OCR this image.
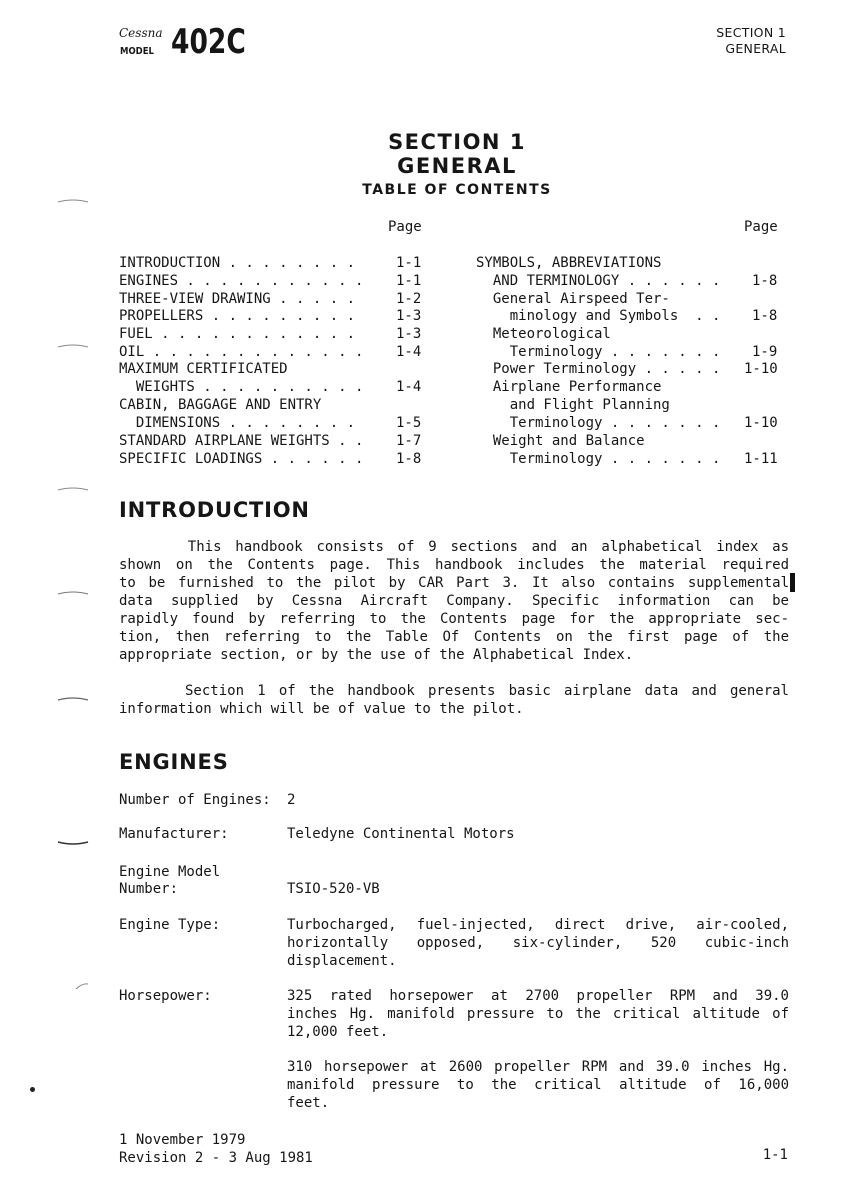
Cessna
MODEL 402C	SECTION 1
GENERAL
SECTION 1
GENERAL
TABLE OF CONTENTS
Page	Page
INTRODUCTION . . . . . . . .	1-1
ENGINES . . . . . . . . . . . 1-1
THREE-VIEW DRAWING . . . . .	1-2
PROPELLERS . . . . . . . . .	1-3
FUEL . . . . . . . . . . . .	1-3
OIL . . . . . . . . . . . . . 1-4
MAXIMUM CERTIFICATED
WEIGHTS . . . . . . . . . . 1-4
CABIN, BAGGAGE AND ENTRY
DIMENSIONS . . . . . . . .	1-5
STANDARD AIRPLANE WEIGHTS . . 1-7
SPECIFIC LOADINGS . . . . . . 1-8
SYMBOLS, ABBREVIATIONS
AND TERMINOLOGY . . . . . . 1-8
General Airspeed Ter-
minology and Symbols  . . 1-8
Meteorological
Terminology . . . . . . . 1-9
Power Terminology . . . . . 1-10
Airplane Performance
and Flight Planning
Terminology . . . . . . . 1-10
Weight and Balance
Terminology . . . . . . . 1-11
INTRODUCTION
This handbook consists of 9 sections and an alphabetical index as
shown on the Contents page. This handbook includes the material required
to be furnished to the pilot by CAR Part 3. It also contains supplemental
data supplied by Cessna Aircraft Company. Specific information can be
rapidly found by referring to the Contents page for the appropriate sec-
tion, then referring to the Table Of Contents on the first page of the
appropriate section, or by the use of the Alphabetical Index.
Section 1 of the handbook presents basic airplane data and general
information which will be of value to the pilot.
ENGINES
Number of Engines: 2
Manufacturer:	Teledyne Continental Motors
Engine Model
Number:	TSIO-520-VB
Engine Type:	Turbocharged, fuel-injected, direct drive, air-cooled,
horizontally  opposed,  six-cylinder,  520  cubic-inch
displacement.
Horsepower:	325 rated horsepower at 2700 propeller RPM and 39.0
inches Hg. manifold pressure to the critical altitude of
12,000 feet.
310 horsepower at 2600 propeller RPM and 39.0 inches Hg.
manifold pressure to the critical altitude of 16,000
feet.
1 November 1979
Revision 2 - 3 Aug 1981	1-1
